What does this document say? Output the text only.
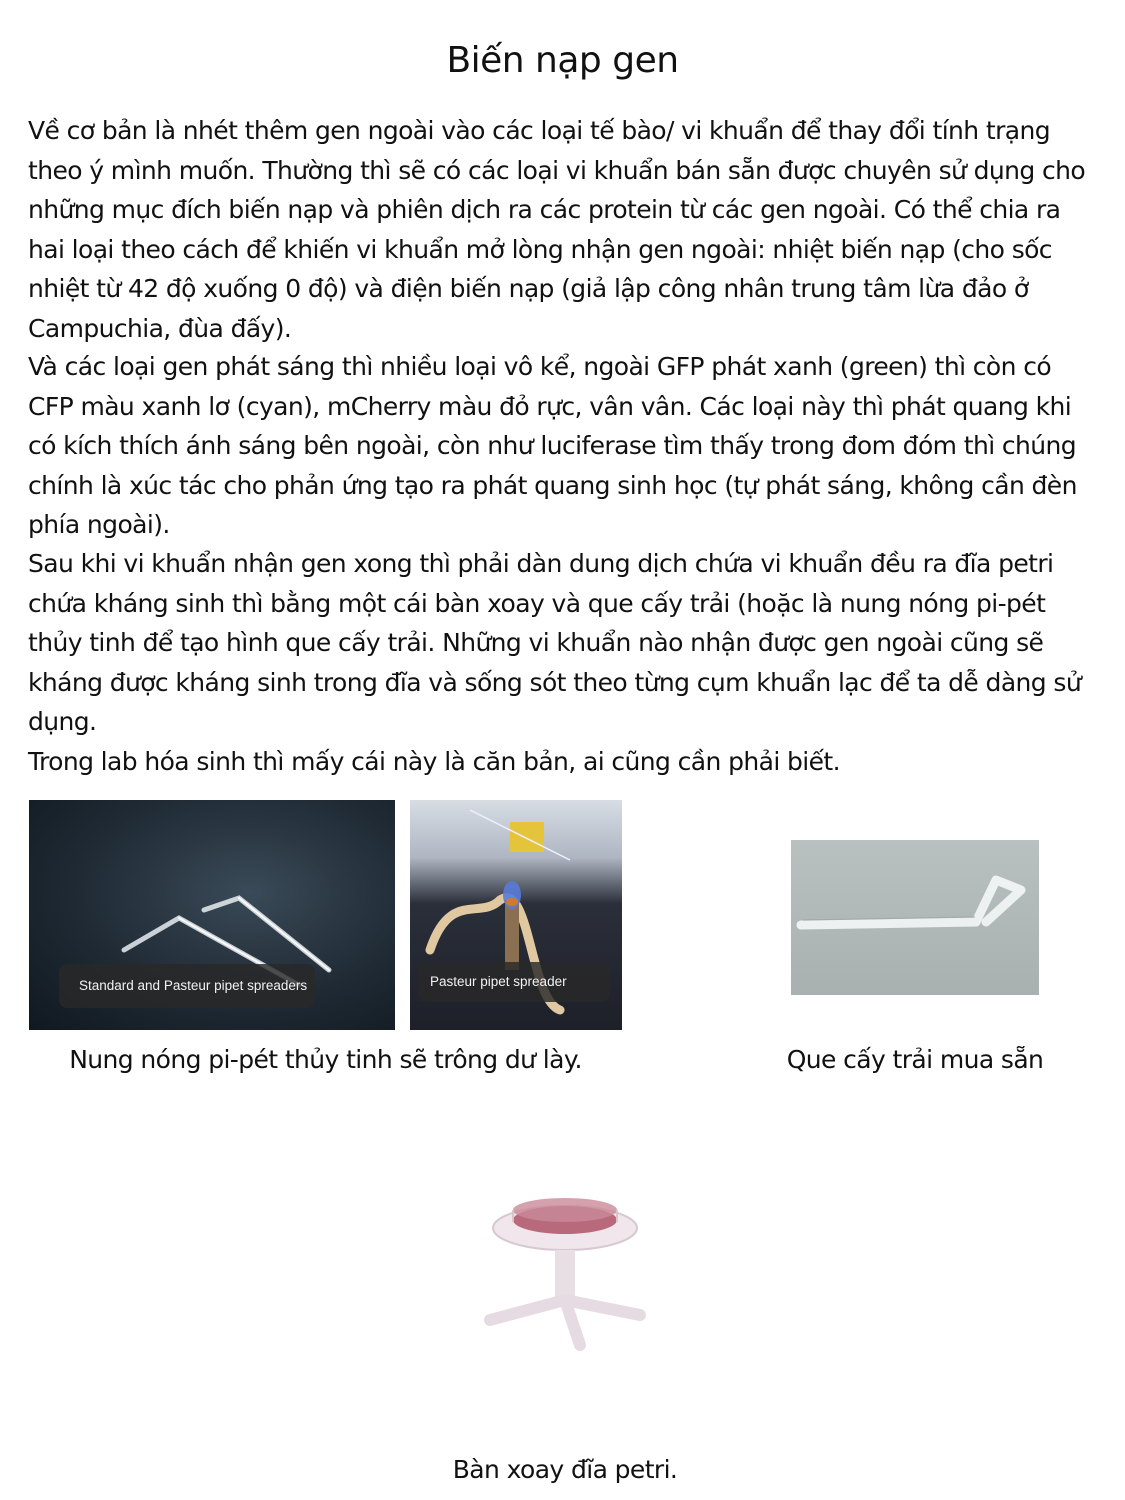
Biến nạp gen

Về cơ bản là nhét thêm gen ngoài vào các loại tế bào/ vi khuẩn để thay đổi tính trạng theo ý mình muốn. Thường thì sẽ có các loại vi khuẩn bán sẵn được chuyên sử dụng cho những mục đích biến nạp và phiên dịch ra các protein từ các gen ngoài. Có thể chia ra hai loại theo cách để khiến vi khuẩn mở lòng nhận gen ngoài: nhiệt biến nạp (cho sốc nhiệt từ 42 độ xuống 0 độ) và điện biến nạp (giả lập công nhân trung tâm lừa đảo ở Campuchia, đùa đấy).

Và các loại gen phát sáng thì nhiều loại vô kể, ngoài GFP phát xanh (green) thì còn có CFP màu xanh lơ (cyan), mCherry màu đỏ rực, vân vân. Các loại này thì phát quang khi có kích thích ánh sáng bên ngoài, còn như luciferase tìm thấy trong đom đóm thì chúng chính là xúc tác cho phản ứng tạo ra phát quang sinh học (tự phát sáng, không cần đèn phía ngoài).

Sau khi vi khuẩn nhận gen xong thì phải dàn dung dịch chứa vi khuẩn đều ra đĩa petri chứa kháng sinh thì bằng một cái bàn xoay và que cấy trải (hoặc là nung nóng pi-pét thủy tinh để tạo hình que cấy trải. Những vi khuẩn nào nhận được gen ngoài cũng sẽ kháng được kháng sinh trong đĩa và sống sót theo từng cụm khuẩn lạc để ta dễ dàng sử dụng.
Trong lab hóa sinh thì mấy cái này là căn bản, ai cũng cần phải biết.
Standard and Pasteur pipet spreaders	Pasteur pipet spreader
Nung nóng pi-pét thủy tinh sẽ trông dư lày.	Que cấy trải mua sẵn
Bàn xoay đĩa petri.
